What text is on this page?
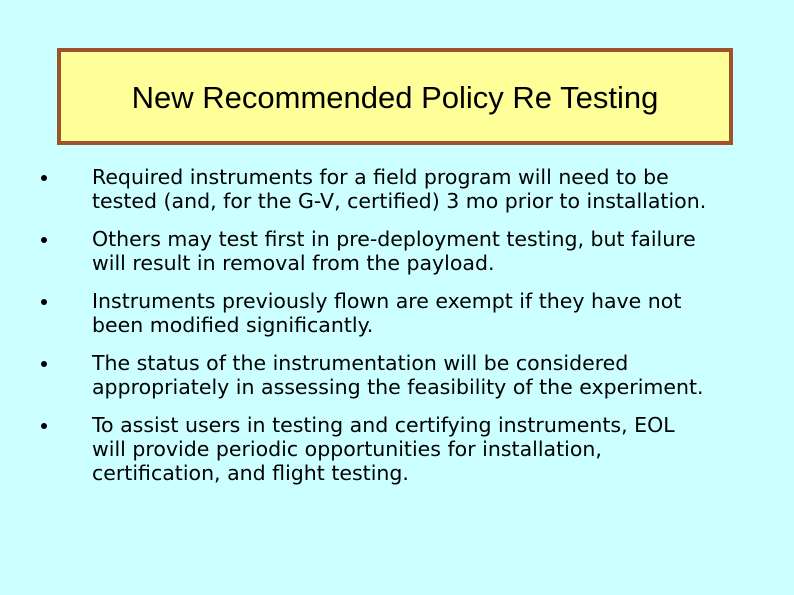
New Recommended Policy Re Testing
Required instruments for a field program will need to be
tested (and, for the G-V, certified) 3 mo prior to installation.
Others may test first in pre-deployment testing, but failure
will result in removal from the payload.
Instruments previously flown are exempt if they have not
been modified significantly.
The status of the instrumentation will be considered
appropriately in assessing the feasibility of the experiment.
To assist users in testing and certifying instruments, EOL
will provide periodic opportunities for installation,
certification, and flight testing.
